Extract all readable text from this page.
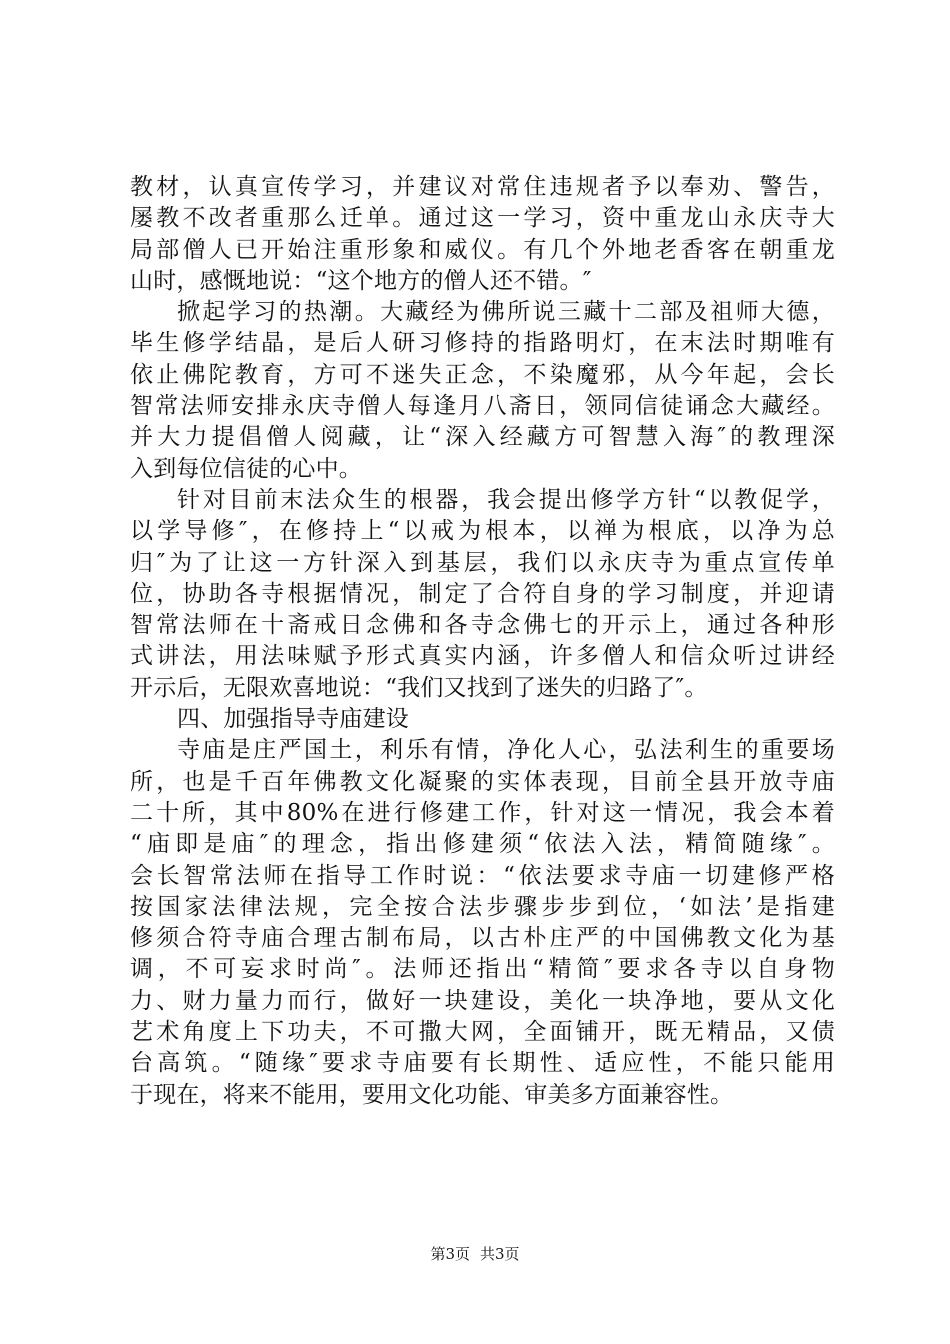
教材，认真宣传学习，并建议对常住违规者予以奉劝、警告，
屡教不改者重那么迁单。通过这一学习，资中重龙山永庆寺大
局部僧人已开始注重形象和威仪。有几个外地老香客在朝重龙
山时，感慨地说：“这个地方的僧人还不错。″
掀起学习的热潮。大藏经为佛所说三藏十二部及祖师大德，
毕生修学结晶，是后人研习修持的指路明灯，在末法时期唯有
依止佛陀教育，方可不迷失正念，不染魔邪，从今年起，会长
智常法师安排永庆寺僧人每逢月八斋日，领同信徒诵念大藏经。
并大力提倡僧人阅藏，让“深入经藏方可智慧入海″的教理深
入到每位信徒的心中。
针对目前末法众生的根器，我会提出修学方针“以教促学，
以学导修″，在修持上“以戒为根本，以禅为根底，以净为总
归″为了让这一方针深入到基层，我们以永庆寺为重点宣传单
位，协助各寺根据情况，制定了合符自身的学习制度，并迎请
智常法师在十斋戒日念佛和各寺念佛七的开示上，通过各种形
式讲法，用法味赋予形式真实内涵，许多僧人和信众听过讲经
开示后，无限欢喜地说：“我们又找到了迷失的归路了″。
四、加强指导寺庙建设
寺庙是庄严国土，利乐有情，净化人心，弘法利生的重要场
所，也是千百年佛教文化凝聚的实体表现，目前全县开放寺庙
二十所，其中80%在进行修建工作，针对这一情况，我会本着
“庙即是庙″的理念，指出修建须“依法入法，精简随缘″。
会长智常法师在指导工作时说：“依法要求寺庙一切建修严格
按国家法律法规，完全按合法步骤步步到位，‘如法’是指建
修须合符寺庙合理古制布局，以古朴庄严的中国佛教文化为基
调，不可妄求时尚″。法师还指出“精简″要求各寺以自身物
力、财力量力而行，做好一块建设，美化一块净地，要从文化
艺术角度上下功夫，不可撒大网，全面铺开，既无精品，又债
台高筑。“随缘″要求寺庙要有长期性、适应性，不能只能用
于现在，将来不能用，要用文化功能、审美多方面兼容性。
第3页 共3页
